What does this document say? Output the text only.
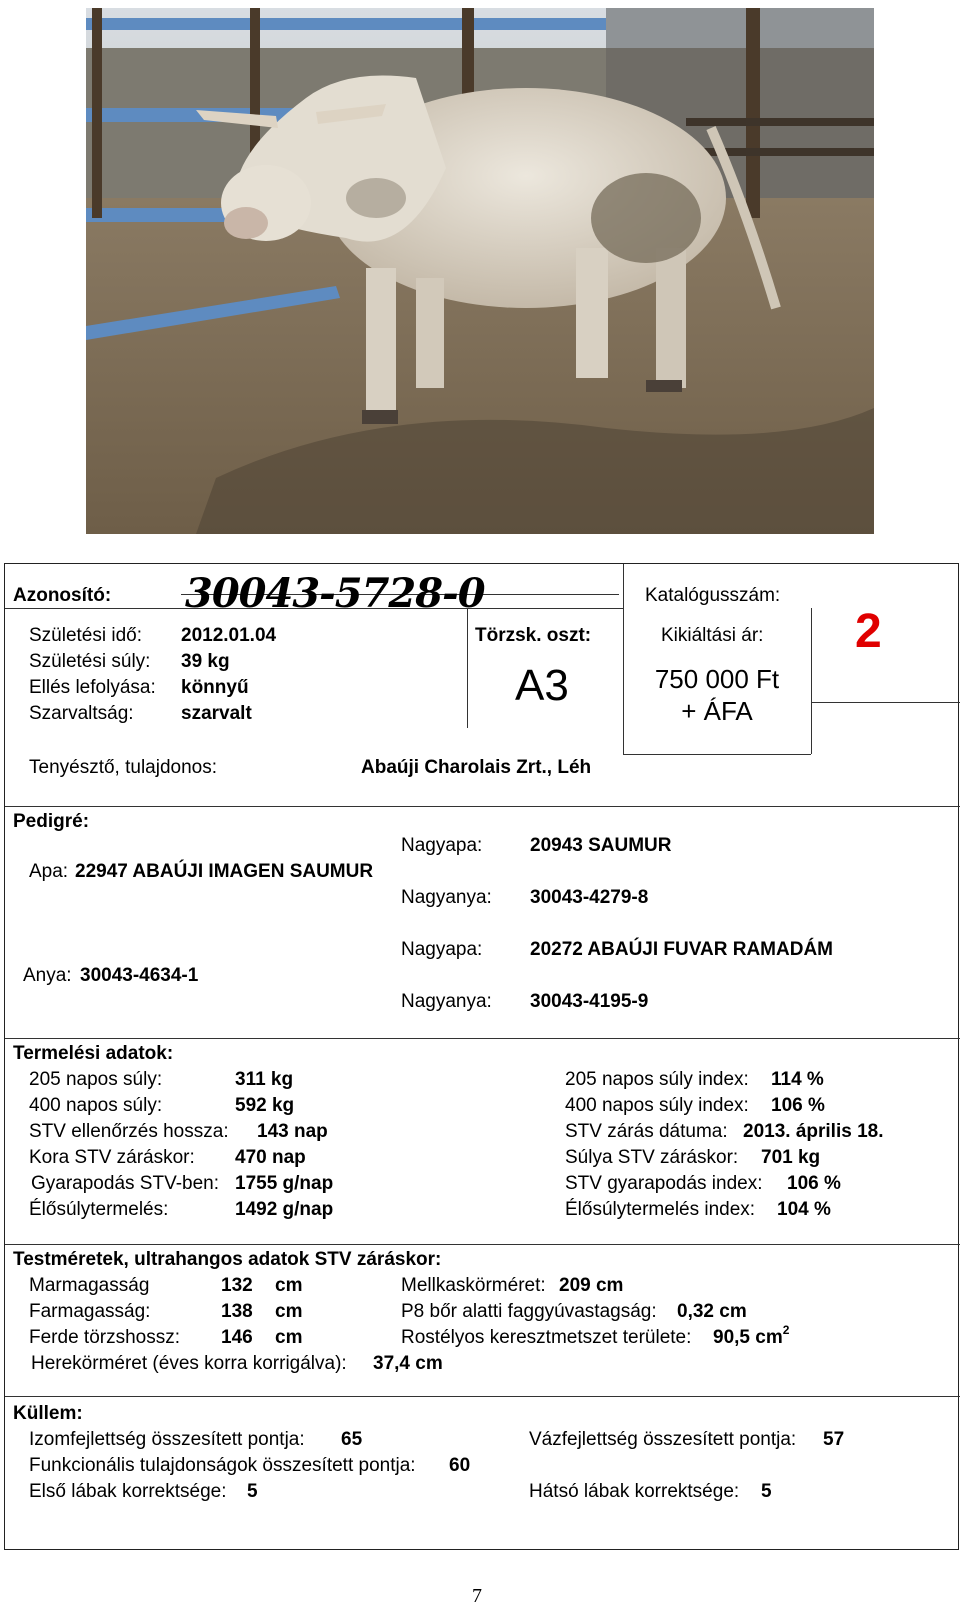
Azonosító: 30043-5728-0	Katalógusszám:
2
Törzsk. oszt:
A3
Kikiáltási ár:
750 000 Ft
+ ÁFA
Születési idő: 2012.01.04
Születési súly: 39 kg
Ellés lefolyása: könnyű
Szarvaltság: szarvalt
Tenyésztő, tulajdonos:	Abaúji Charolais Zrt., Léh
Pedigré:
Nagyapa:	20943 SAUMUR
Apa: 22947 ABAÚJI IMAGEN SAUMUR
Nagyanya: 30043-4279-8
Nagyapa:	20272 ABAÚJI FUVAR RAMADÁM
Anya: 30043-4634-1
Nagyanya: 30043-4195-9
Termelési adatok:
205 napos súly:	311 kg
400 napos súly:	592 kg
STV ellenőrzés hossza: 143 nap
Kora STV záráskor: 470 nap
Gyarapodás STV-ben: 1755 g/nap
Élősúlytermelés:	1492 g/nap
205 napos súly index: 114 %
400 napos súly index: 106 %
STV zárás dátuma: 2013. április 18.
Súlya STV záráskor: 701 kg
STV gyarapodás index: 106 %
Élősúlytermelés index: 104 %
Testméretek, ultrahangos adatok STV záráskor:
Marmagasság	132 cm
Farmagasság:	138 cm
Ferde törzshossz: 146 cm
Mellkaskörméret: 209 cm
P8 bőr alatti faggyúvastagság: 0,32 cm
Rostélyos keresztmetszet területe: 90,5 $cm^2$
Herekörméret (éves korra korrigálva): 37,4 cm
Küllem:
Izomfejlettség összesített pontja: 65	Vázfejlettség összesített pontja: 57
Funkcionális tulajdonságok összesített pontja: 60
Első lábak korrektsége: 5	Hátsó lábak korrektsége: 5
7
